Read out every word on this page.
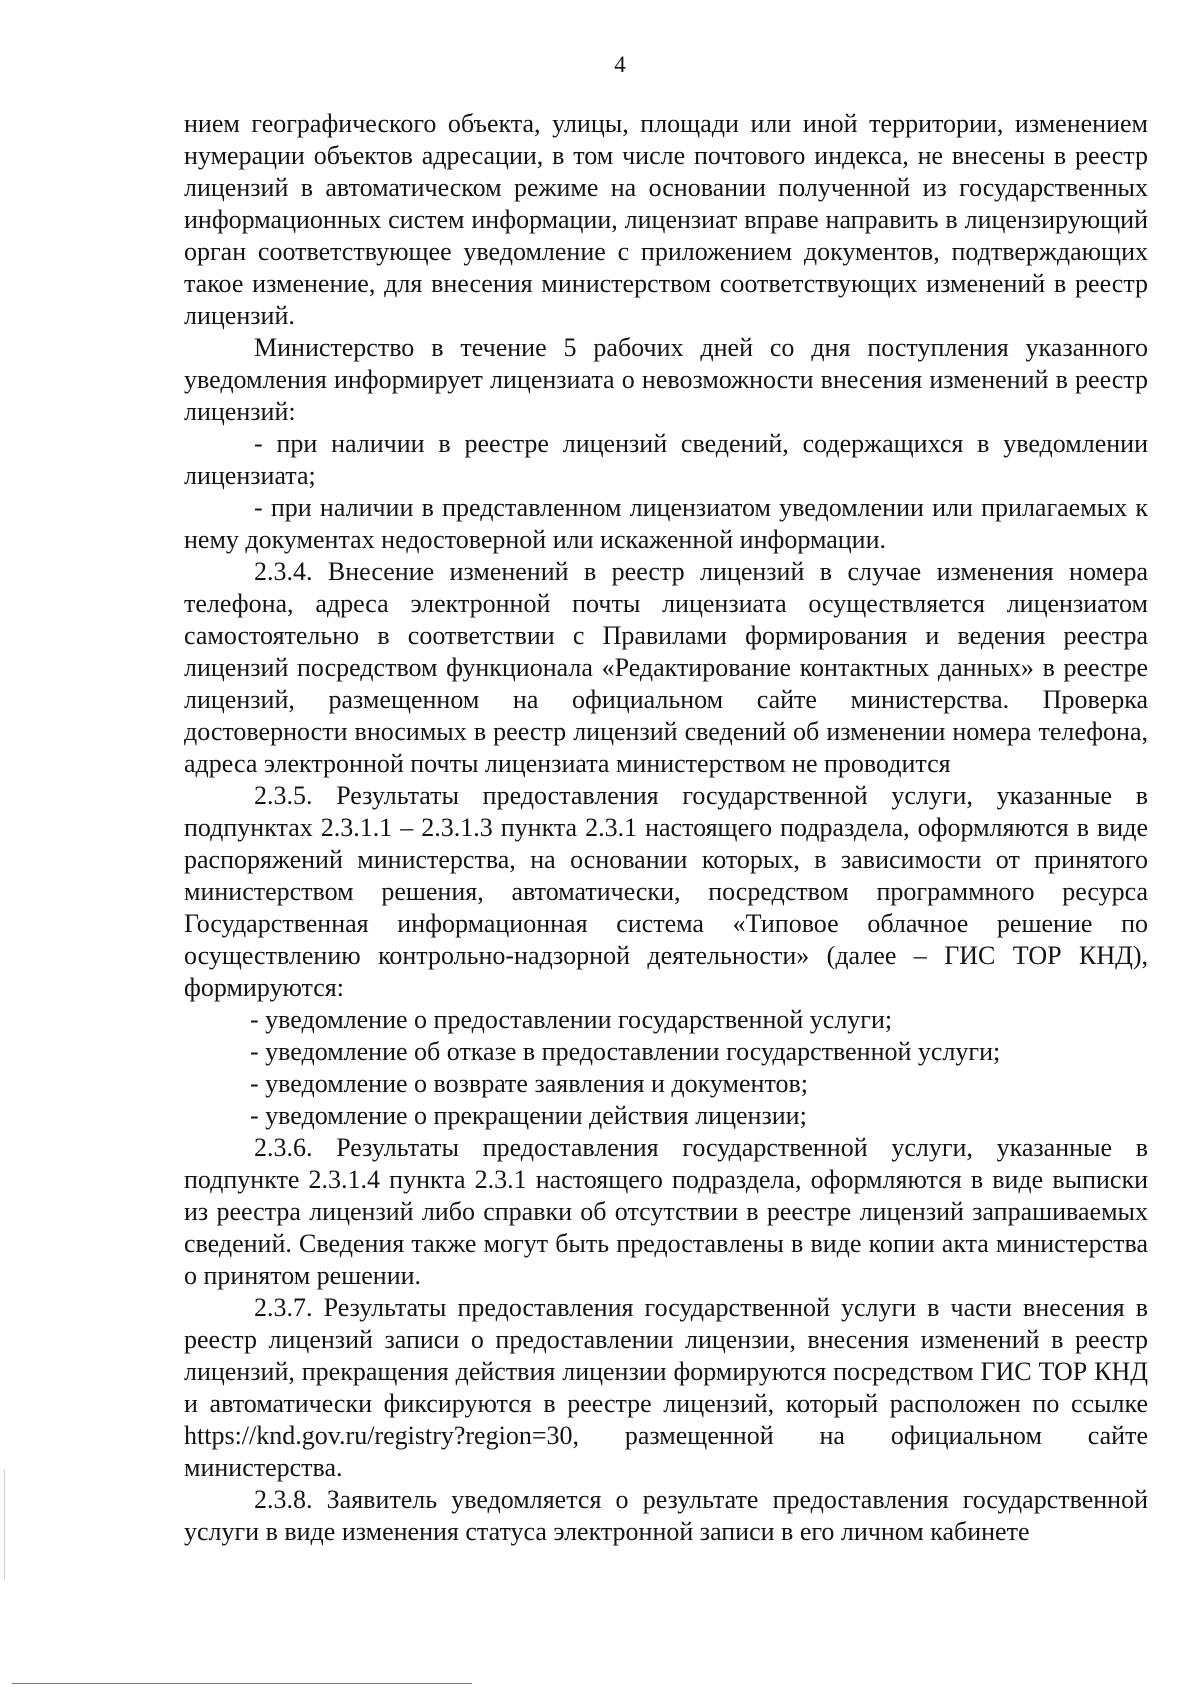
4

нием географического объекта, улицы, площади или иной территории, изменением нумерации объектов адресации, в том числе почтового индекса, не внесены в реестр лицензий в автоматическом режиме на основании полученной из государственных информационных систем информации, лицензиат вправе направить в лицензирующий орган соответствующее уведомление с приложением документов, подтверждающих такое изменение, для внесения министерством соответствующих изменений в реестр лицензий.

Министерство в течение 5 рабочих дней со дня поступления указанного уведомления информирует лицензиата о невозможности внесения изменений в реестр лицензий:

- при наличии в реестре лицензий сведений, содержащихся в уведомлении лицензиата;

- при наличии в представленном лицензиатом уведомлении или прилагаемых к нему документах недостоверной или искаженной информации.

2.3.4. Внесение изменений в реестр лицензий в случае изменения номера телефона, адреса электронной почты лицензиата осуществляется лицензиатом самостоятельно в соответствии с Правилами формирования и ведения реестра лицензий посредством функционала «Редактирование контактных данных» в реестре лицензий, размещенном на официальном сайте министерства. Проверка достоверности вносимых в реестр лицензий сведений об изменении номера телефона, адреса электронной почты лицензиата министерством не проводится

2.3.5. Результаты предоставления государственной услуги, указанные в подпунктах 2.3.1.1 – 2.3.1.3 пункта 2.3.1 настоящего подраздела, оформляются в виде распоряжений министерства, на основании которых, в зависимости от принятого министерством решения, автоматически, посредством программного ресурса Государственная информационная система «Типовое облачное решение по осуществлению контрольно-надзорной деятельности» (далее – ГИС ТОР КНД), формируются:

- уведомление о предоставлении государственной услуги;

- уведомление об отказе в предоставлении государственной услуги;

- уведомление о возврате заявления и документов;

- уведомление о прекращении действия лицензии;

2.3.6. Результаты предоставления государственной услуги, указанные в подпункте 2.3.1.4 пункта 2.3.1 настоящего подраздела, оформляются в виде выписки из реестра лицензий либо справки об отсутствии в реестре лицензий запрашиваемых сведений. Сведения также могут быть предоставлены в виде копии акта министерства о принятом решении.

2.3.7. Результаты предоставления государственной услуги в части внесения в реестр лицензий записи о предоставлении лицензии, внесения изменений в реестр лицензий, прекращения действия лицензии формируются посредством ГИС ТОР КНД и автоматически фиксируются в реестре лицензий, который расположен по ссылке https://knd.gov.ru/registry?region=30, размещенной на официальном сайте министерства.

2.3.8. Заявитель уведомляется о результате предоставления государственной услуги в виде изменения статуса электронной записи в его личном кабинете
